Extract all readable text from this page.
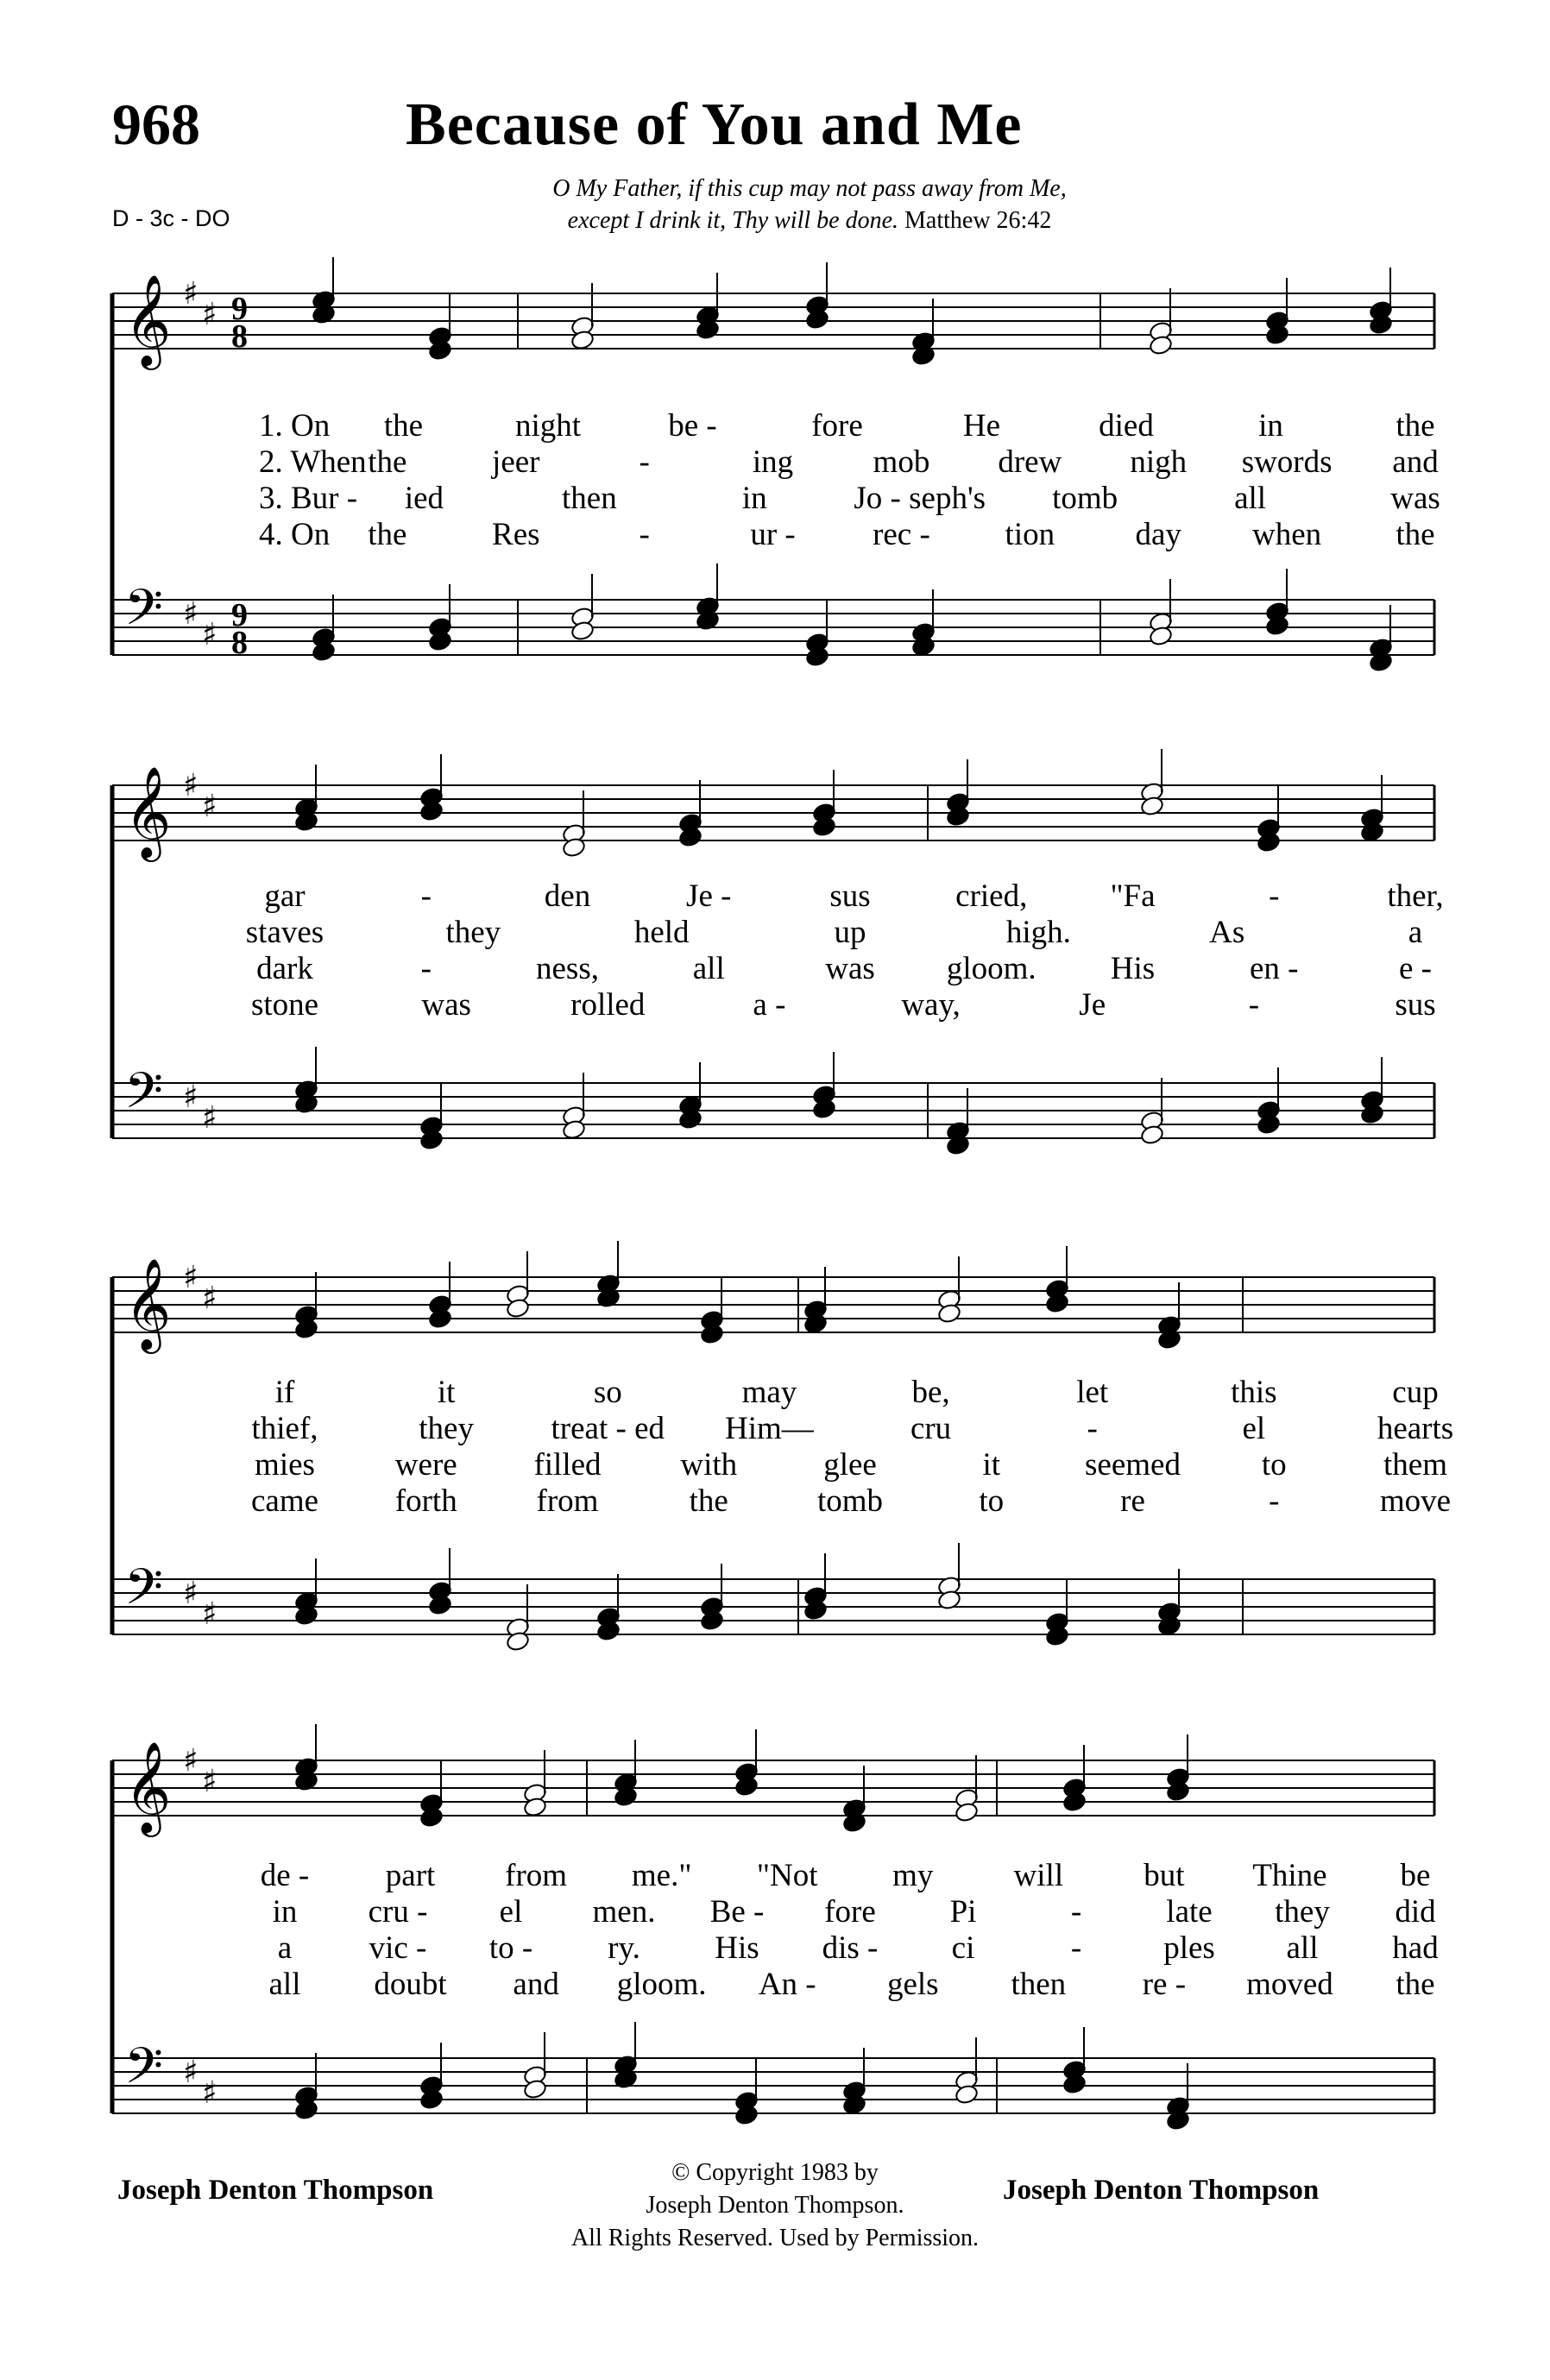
968	Because of You and Me
D - 3c - DO
O My Father, if this cup may not pass away from Me,
except I drink it, Thy will be done. Matthew 26:42
𝄞 ♯
♯ 9
8
𝄢 ♯
♯
9
8
1. On the	night	be -	fore	He	died	in	the
2. When the	jeer	-	ing mob drew nigh swords and
3. Bur - ied	then	in	Jo - seph's tomb	all	was
4. On the	Res	-	ur - rec - tion	day when the
𝄞 ♯
♯
𝄢 ♯
♯
gar	-	den	Je -	sus	cried,	"Fa	-	ther,
staves	they	held	up	high.	As	a
dark	-	ness,	all	was gloom. His	en -	e -
stone	was	rolled	a -	way,	Je	-	sus
𝄞 ♯
♯
𝄢 ♯
♯
if	it	so	may	be,	let	this	cup
thief,	they treat - ed Him—	cru	-	el	hearts
mies	were filled with	glee	it	seemed	to	them
came forth from	the	tomb	to	re	-	move
𝄞 ♯
♯
𝄢 ♯
♯
de - part from me." "Not my	will	but Thine be
in cru - el men. Be - fore Pi	-	late they did
a vic - to - ry. His dis - ci	-	ples all had
all doubt and gloom. An - gels then re - moved the
Joseph Denton Thompson	Joseph Denton Thompson
© Copyright 1983 by
Joseph Denton Thompson.
All Rights Reserved. Used by Permission.
